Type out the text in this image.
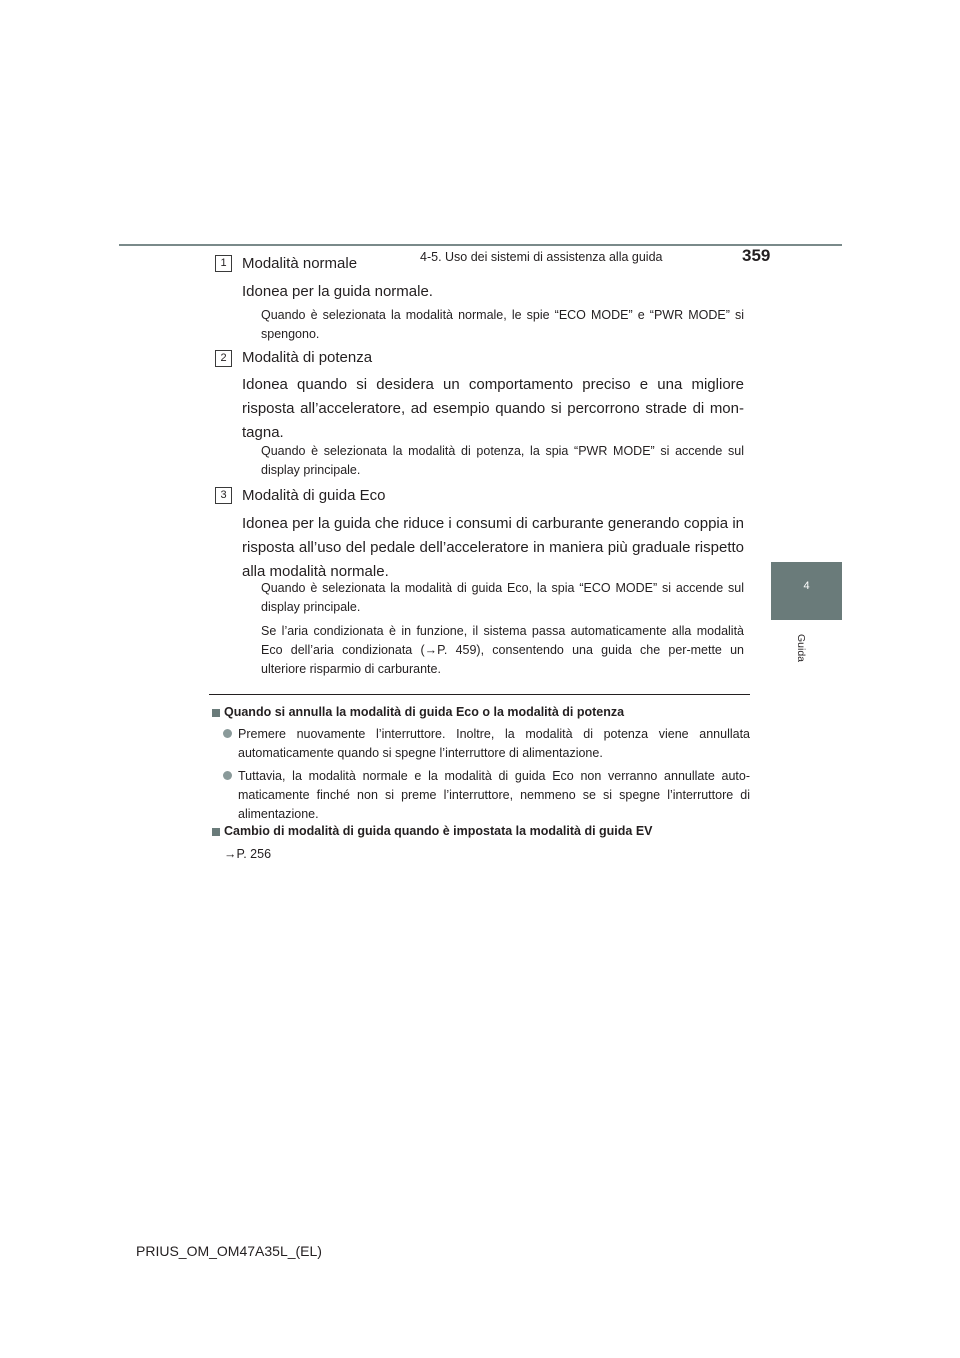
4-5. Uso dei sistemi di assistenza alla guida	359
4
Guida
1	Modalità normale
Idonea per la guida normale.
Quando è selezionata la modalità normale, le spie “ECO MODE” e “PWR MODE” si spengono.
2	Modalità di potenza
Idonea quando si desidera un comportamento preciso e una migliore risposta all’acceleratore, ad esempio quando si percorrono strade di mon-tagna.
Quando è selezionata la modalità di potenza, la spia “PWR MODE” si accende sul display principale.
3	Modalità di guida Eco
Idonea per la guida che riduce i consumi di carburante generando coppia in risposta all’uso del pedale dell’acceleratore in maniera più graduale rispetto alla modalità normale.
Quando è selezionata la modalità di guida Eco, la spia “ECO MODE” si accende sul display principale.
Se l’aria condizionata è in funzione, il sistema passa automaticamente alla modalità Eco dell’aria condizionata (→P. 459), consentendo una guida che per-mette un ulteriore risparmio di carburante.
Quando si annulla la modalità di guida Eco o la modalità di potenza
Premere nuovamente l’interruttore. Inoltre, la modalità di potenza viene annullata automaticamente quando si spegne l’interruttore di alimentazione.
Tuttavia, la modalità normale e la modalità di guida Eco non verranno annullate auto-maticamente finché non si preme l’interruttore, nemmeno se si spegne l’interruttore di alimentazione.
Cambio di modalità di guida quando è impostata la modalità di guida EV
→P. 256
PRIUS_OM_OM47A35L_(EL)
